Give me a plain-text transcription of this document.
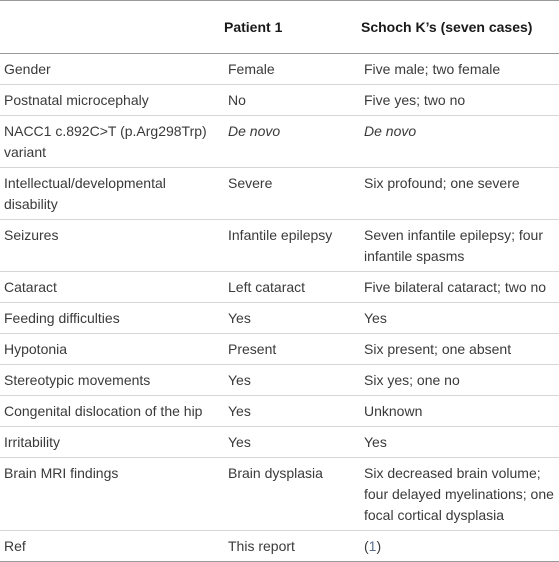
	Patient 1	Schoch K’s (seven cases)
Gender	Female	Five male; two female
Postnatal microcephaly	No	Five yes; two no
NACC1 c.892C>T (p.Arg298Trp) variant	De novo	De novo
Intellectual/developmental disability	Severe	Six profound; one severe
Seizures	Infantile epilepsy	Seven infantile epilepsy; four infantile spasms
Cataract	Left cataract	Five bilateral cataract; two no
Feeding difficulties	Yes	Yes
Hypotonia	Present	Six present; one absent
Stereotypic movements	Yes	Six yes; one no
Congenital dislocation of the hip	Yes	Unknown
Irritability	Yes	Yes
Brain MRI findings	Brain dysplasia	Six decreased brain volume; four delayed myelinations; one focal cortical dysplasia
Ref	This report	(1)
